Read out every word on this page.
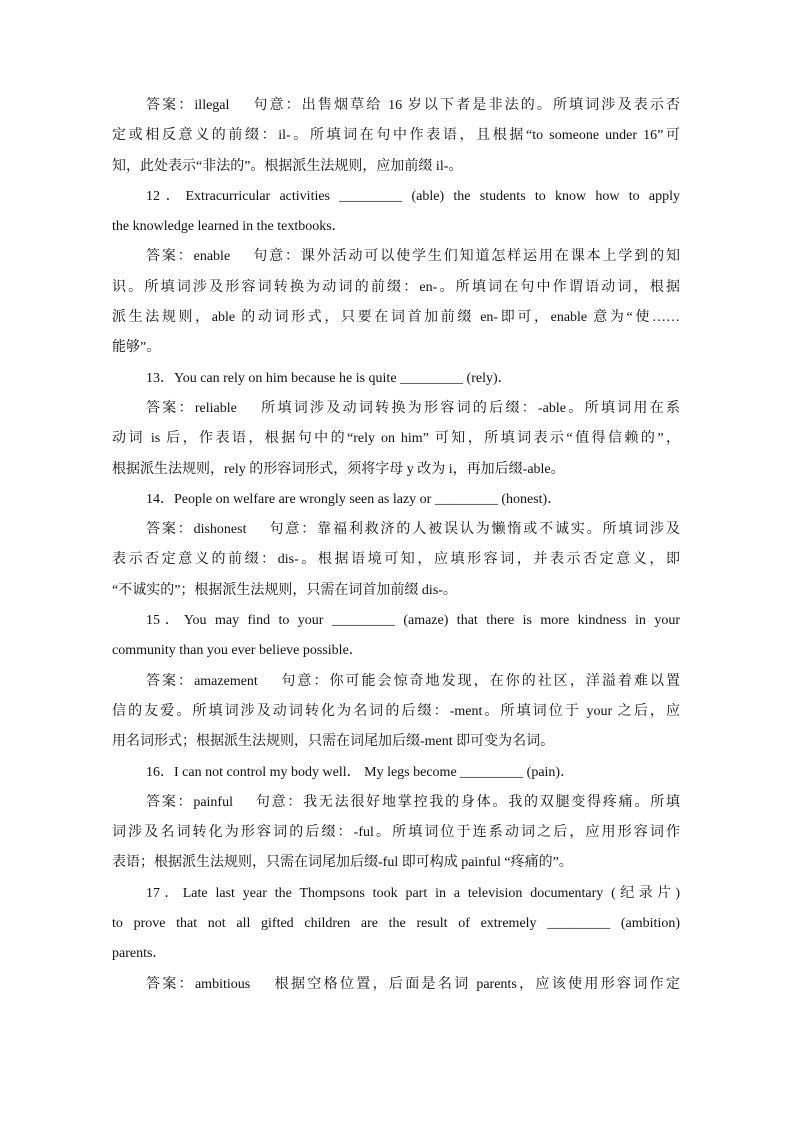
答案：illegal　 句意：出售烟草给 16 岁以下者是非法的。所填词涉及表示否
定或相反意义的前缀：il-。所填词在句中作表语，且根据“to someone under 16”可
知，此处表示“非法的”。根据派生法规则，应加前缀 il-。
12．Extracurricular activities _________ (able) the students to know how to apply
the knowledge learned in the textbooks．
答案：enable　 句意：课外活动可以使学生们知道怎样运用在课本上学到的知
识。所填词涉及形容词转换为动词的前缀：en-。所填词在句中作谓语动词，根据
派生法规则，able 的动词形式，只要在词首加前缀 en-即可，enable 意为“使……
能够”。
13．You can rely on him because he is quite _________ (rely)．
答案：reliable　 所填词涉及动词转换为形容词的后缀：-able。所填词用在系
动词 is 后，作表语，根据句中的“rely on him” 可知，所填词表示“值得信赖的”，
根据派生法规则，rely 的形容词形式，须将字母 y 改为 i，再加后缀-able。
14．People on welfare are wrongly seen as lazy or _________ (honest)．
答案：dishonest　 句意：靠福利救济的人被误认为懒惰或不诚实。所填词涉及
表示否定意义的前缀：dis-。根据语境可知，应填形容词，并表示否定意义，即
“不诚实的”；根据派生法规则，只需在词首加前缀 dis-。
15．You may find to your _________ (amaze) that there is more kindness in your
community than you ever believe possible．
答案：amazement　 句意：你可能会惊奇地发现，在你的社区，洋溢着难以置
信的友爱。所填词涉及动词转化为名词的后缀：-ment。所填词位于 your 之后，应
用名词形式；根据派生法规则，只需在词尾加后缀-ment 即可变为名词。
16．I can not control my body well． My legs become _________ (pain)．
答案：painful　 句意：我无法很好地掌控我的身体。我的双腿变得疼痛。所填
词涉及名词转化为形容词的后缀：-ful。所填词位于连系动词之后，应用形容词作
表语；根据派生法规则，只需在词尾加后缀-ful 即可构成 painful “疼痛的”。
17．Late last year the Thompsons took part in a television documentary (纪录片)
to prove that not all gifted children are the result of extremely _________ (ambition)
parents．
答案：ambitious　 根据空格位置，后面是名词 parents，应该使用形容词作定
